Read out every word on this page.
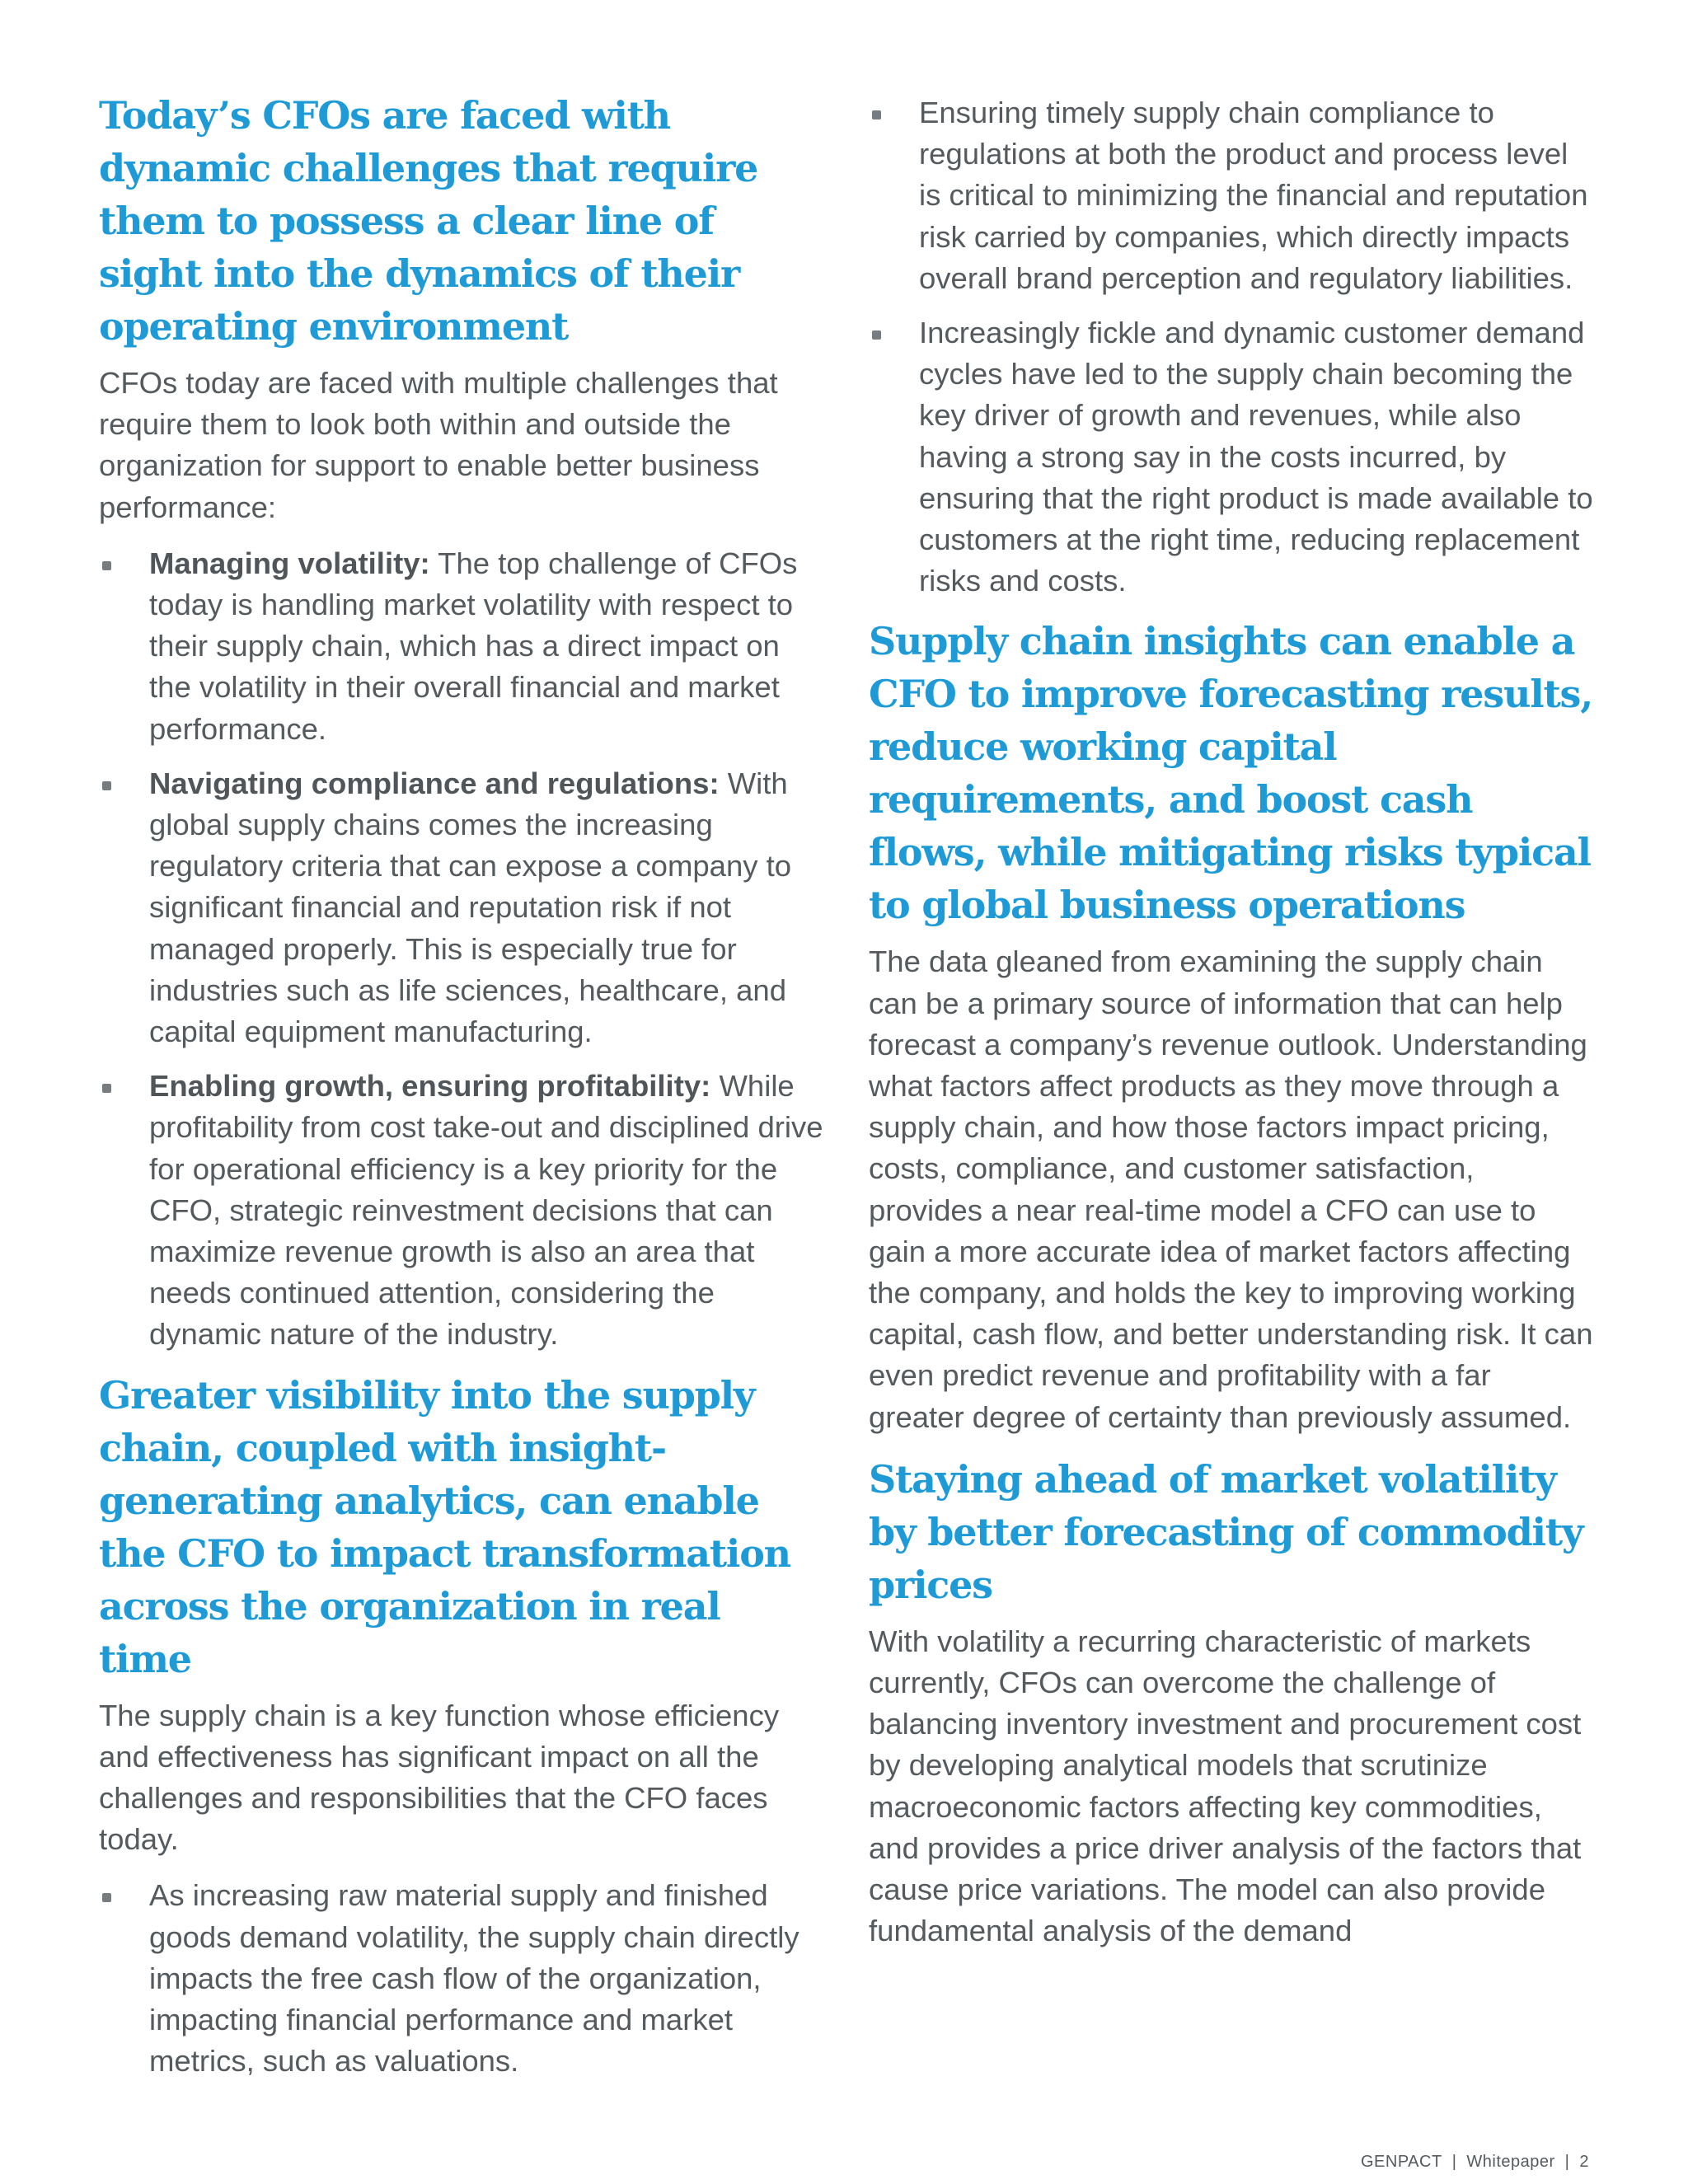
Today’s CFOs are faced with dynamic challenges that require them to possess a clear line of sight into the dynamics of their operating environment

CFOs today are faced with multiple challenges that require them to look both within and outside the organization for support to enable better business performance:

Managing volatility: The top challenge of CFOs today is handling market volatility with respect to their supply chain, which has a direct impact on the volatility in their overall financial and market performance.
Navigating compliance and regulations: With global supply chains comes the increasing regulatory criteria that can expose a company to significant financial and reputation risk if not managed properly. This is especially true for industries such as life sciences, healthcare, and capital equipment manufacturing.
Enabling growth, ensuring profitability: While profitability from cost take-out and disciplined drive for operational efficiency is a key priority for the CFO, strategic reinvestment decisions that can maximize revenue growth is also an area that needs continued attention, considering the dynamic nature of the industry.
Greater visibility into the supply chain, coupled with insight-generating analytics, can enable the CFO to impact transformation across the organization in real time

The supply chain is a key function whose efficiency and effectiveness has significant impact on all the challenges and responsibilities that the CFO faces today.

As increasing raw material supply and finished goods demand volatility, the supply chain directly impacts the free cash flow of the organization, impacting financial performance and market metrics, such as valuations.
Ensuring timely supply chain compliance to regulations at both the product and process level is critical to minimizing the financial and reputation risk carried by companies, which directly impacts overall brand perception and regulatory liabilities.
Increasingly fickle and dynamic customer demand cycles have led to the supply chain becoming the key driver of growth and revenues, while also having a strong say in the costs incurred, by ensuring that the right product is made available to customers at the right time, reducing replacement risks and costs.
Supply chain insights can enable a CFO to improve forecasting results, reduce working capital requirements, and boost cash flows, while mitigating risks typical to global business operations

The data gleaned from examining the supply chain can be a primary source of information that can help forecast a company’s revenue outlook. Understanding what factors affect products as they move through a supply chain, and how those factors impact pricing, costs, compliance, and customer satisfaction, provides a near real-time model a CFO can use to gain a more accurate idea of market factors affecting the company, and holds the key to improving working capital, cash flow, and better understanding risk. It can even predict revenue and profitability with a far greater degree of certainty than previously assumed.

Staying ahead of market volatility by better forecasting of commodity prices

With volatility a recurring characteristic of markets currently, CFOs can overcome the challenge of balancing inventory investment and procurement cost by developing analytical models that scrutinize macroeconomic factors affecting key commodities, and provides a price driver analysis of the factors that cause price variations. The model can also provide fundamental analysis of the demand

GENPACT | Whitepaper | 2
